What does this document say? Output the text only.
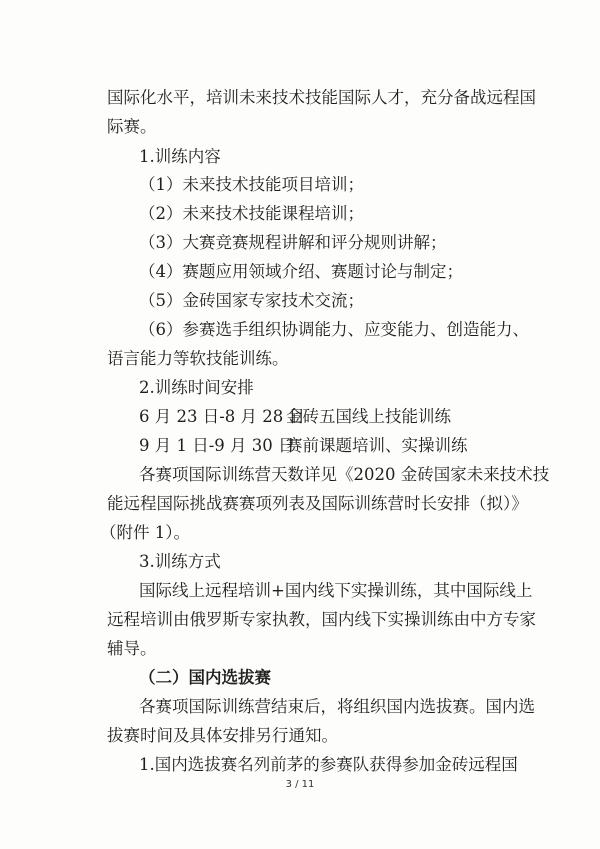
国际化水平，培训未来技术技能国际人才，充分备战远程国

际赛。

1.训练内容

（1）未来技术技能项目培训；

（2）未来技术技能课程培训；

（3）大赛竞赛规程讲解和评分规则讲解；

（4）赛题应用领域介绍、赛题讨论与制定；

（5）金砖国家专家技术交流；

（6）参赛选手组织协调能力、应变能力、创造能力、

语言能力等软技能训练。

2.训练时间安排

6 月 23 日-8 月 28 日
金砖五国线上技能训练
9 月 1 日-9 月 30 日
赛前课题培训、实操训练

各赛项国际训练营天数详见《2020 金砖国家未来技术技

能远程国际挑战赛赛项列表及国际训练营时长安排（拟）》

（附件 1）。

3.训练方式

国际线上远程培训+国内线下实操训练，其中国际线上

远程培训由俄罗斯专家执教，国内线下实操训练由中方专家

辅导。

（二）国内选拔赛

各赛项国际训练营结束后，将组织国内选拔赛。国内选

拔赛时间及具体安排另行通知。

1.国内选拔赛名列前茅的参赛队获得参加金砖远程国

3 / 11
